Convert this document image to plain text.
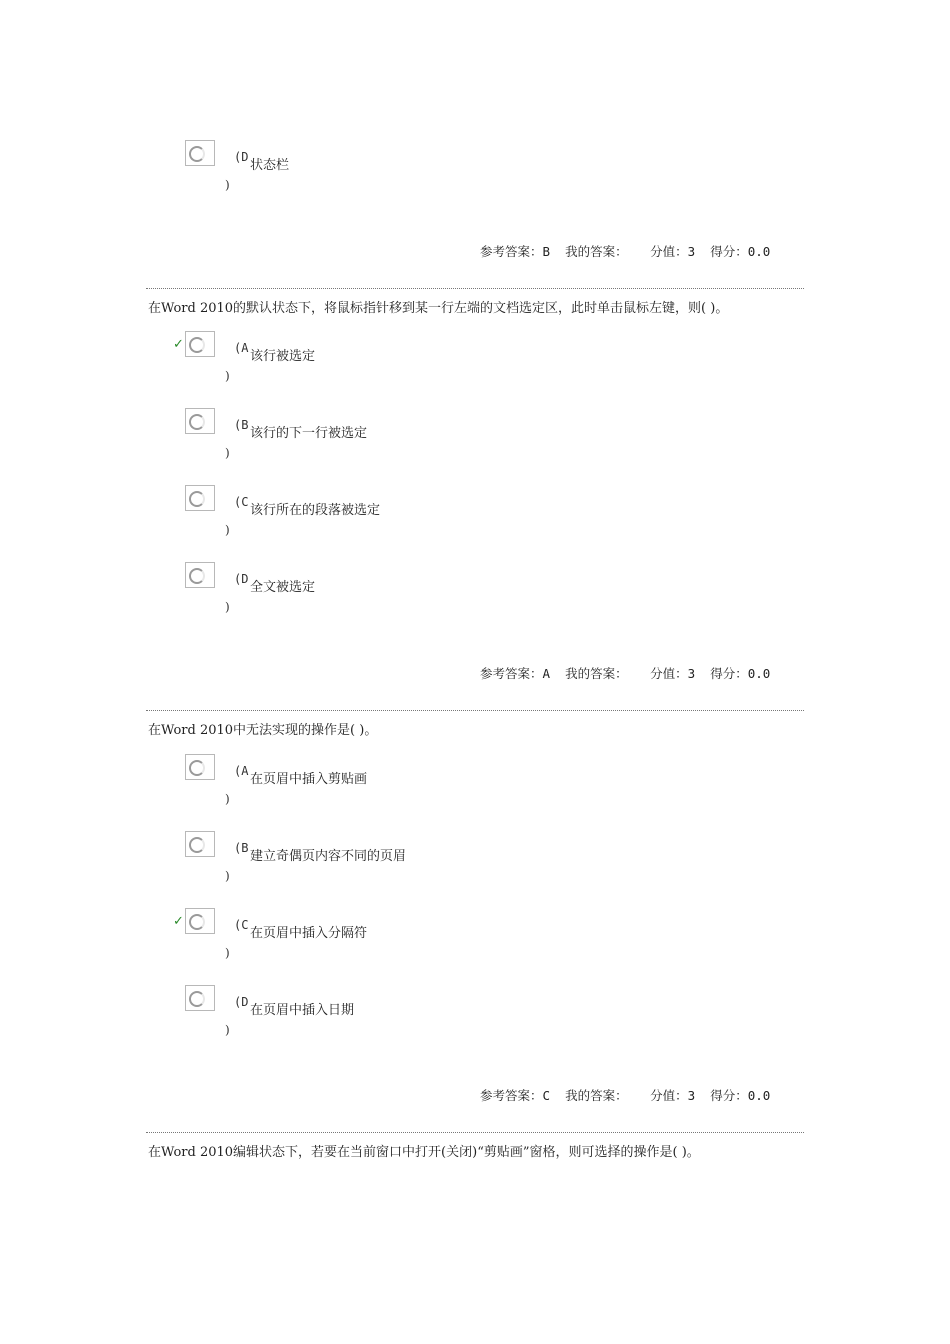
(D
状态栏
)
参考答案：B  我的答案：   分值：3  得分：0.0
在Word 2010的默认状态下，将鼠标指针移到某一行左端的文档选定区，此时单击鼠标左键，则( )。
✓	(A
该行被选定
)
(B
该行的下一行被选定
)
(C
该行所在的段落被选定
)
(D
全文被选定
)
参考答案：A  我的答案：   分值：3  得分：0.0
在Word 2010中无法实现的操作是( )。
(A
在页眉中插入剪贴画
)
(B
建立奇偶页内容不同的页眉
)
✓	(C
在页眉中插入分隔符
)
(D
在页眉中插入日期
)
参考答案：C  我的答案：   分值：3  得分：0.0
在Word 2010编辑状态下，若要在当前窗口中打开(关闭)“剪贴画”窗格，则可选择的操作是( )。
